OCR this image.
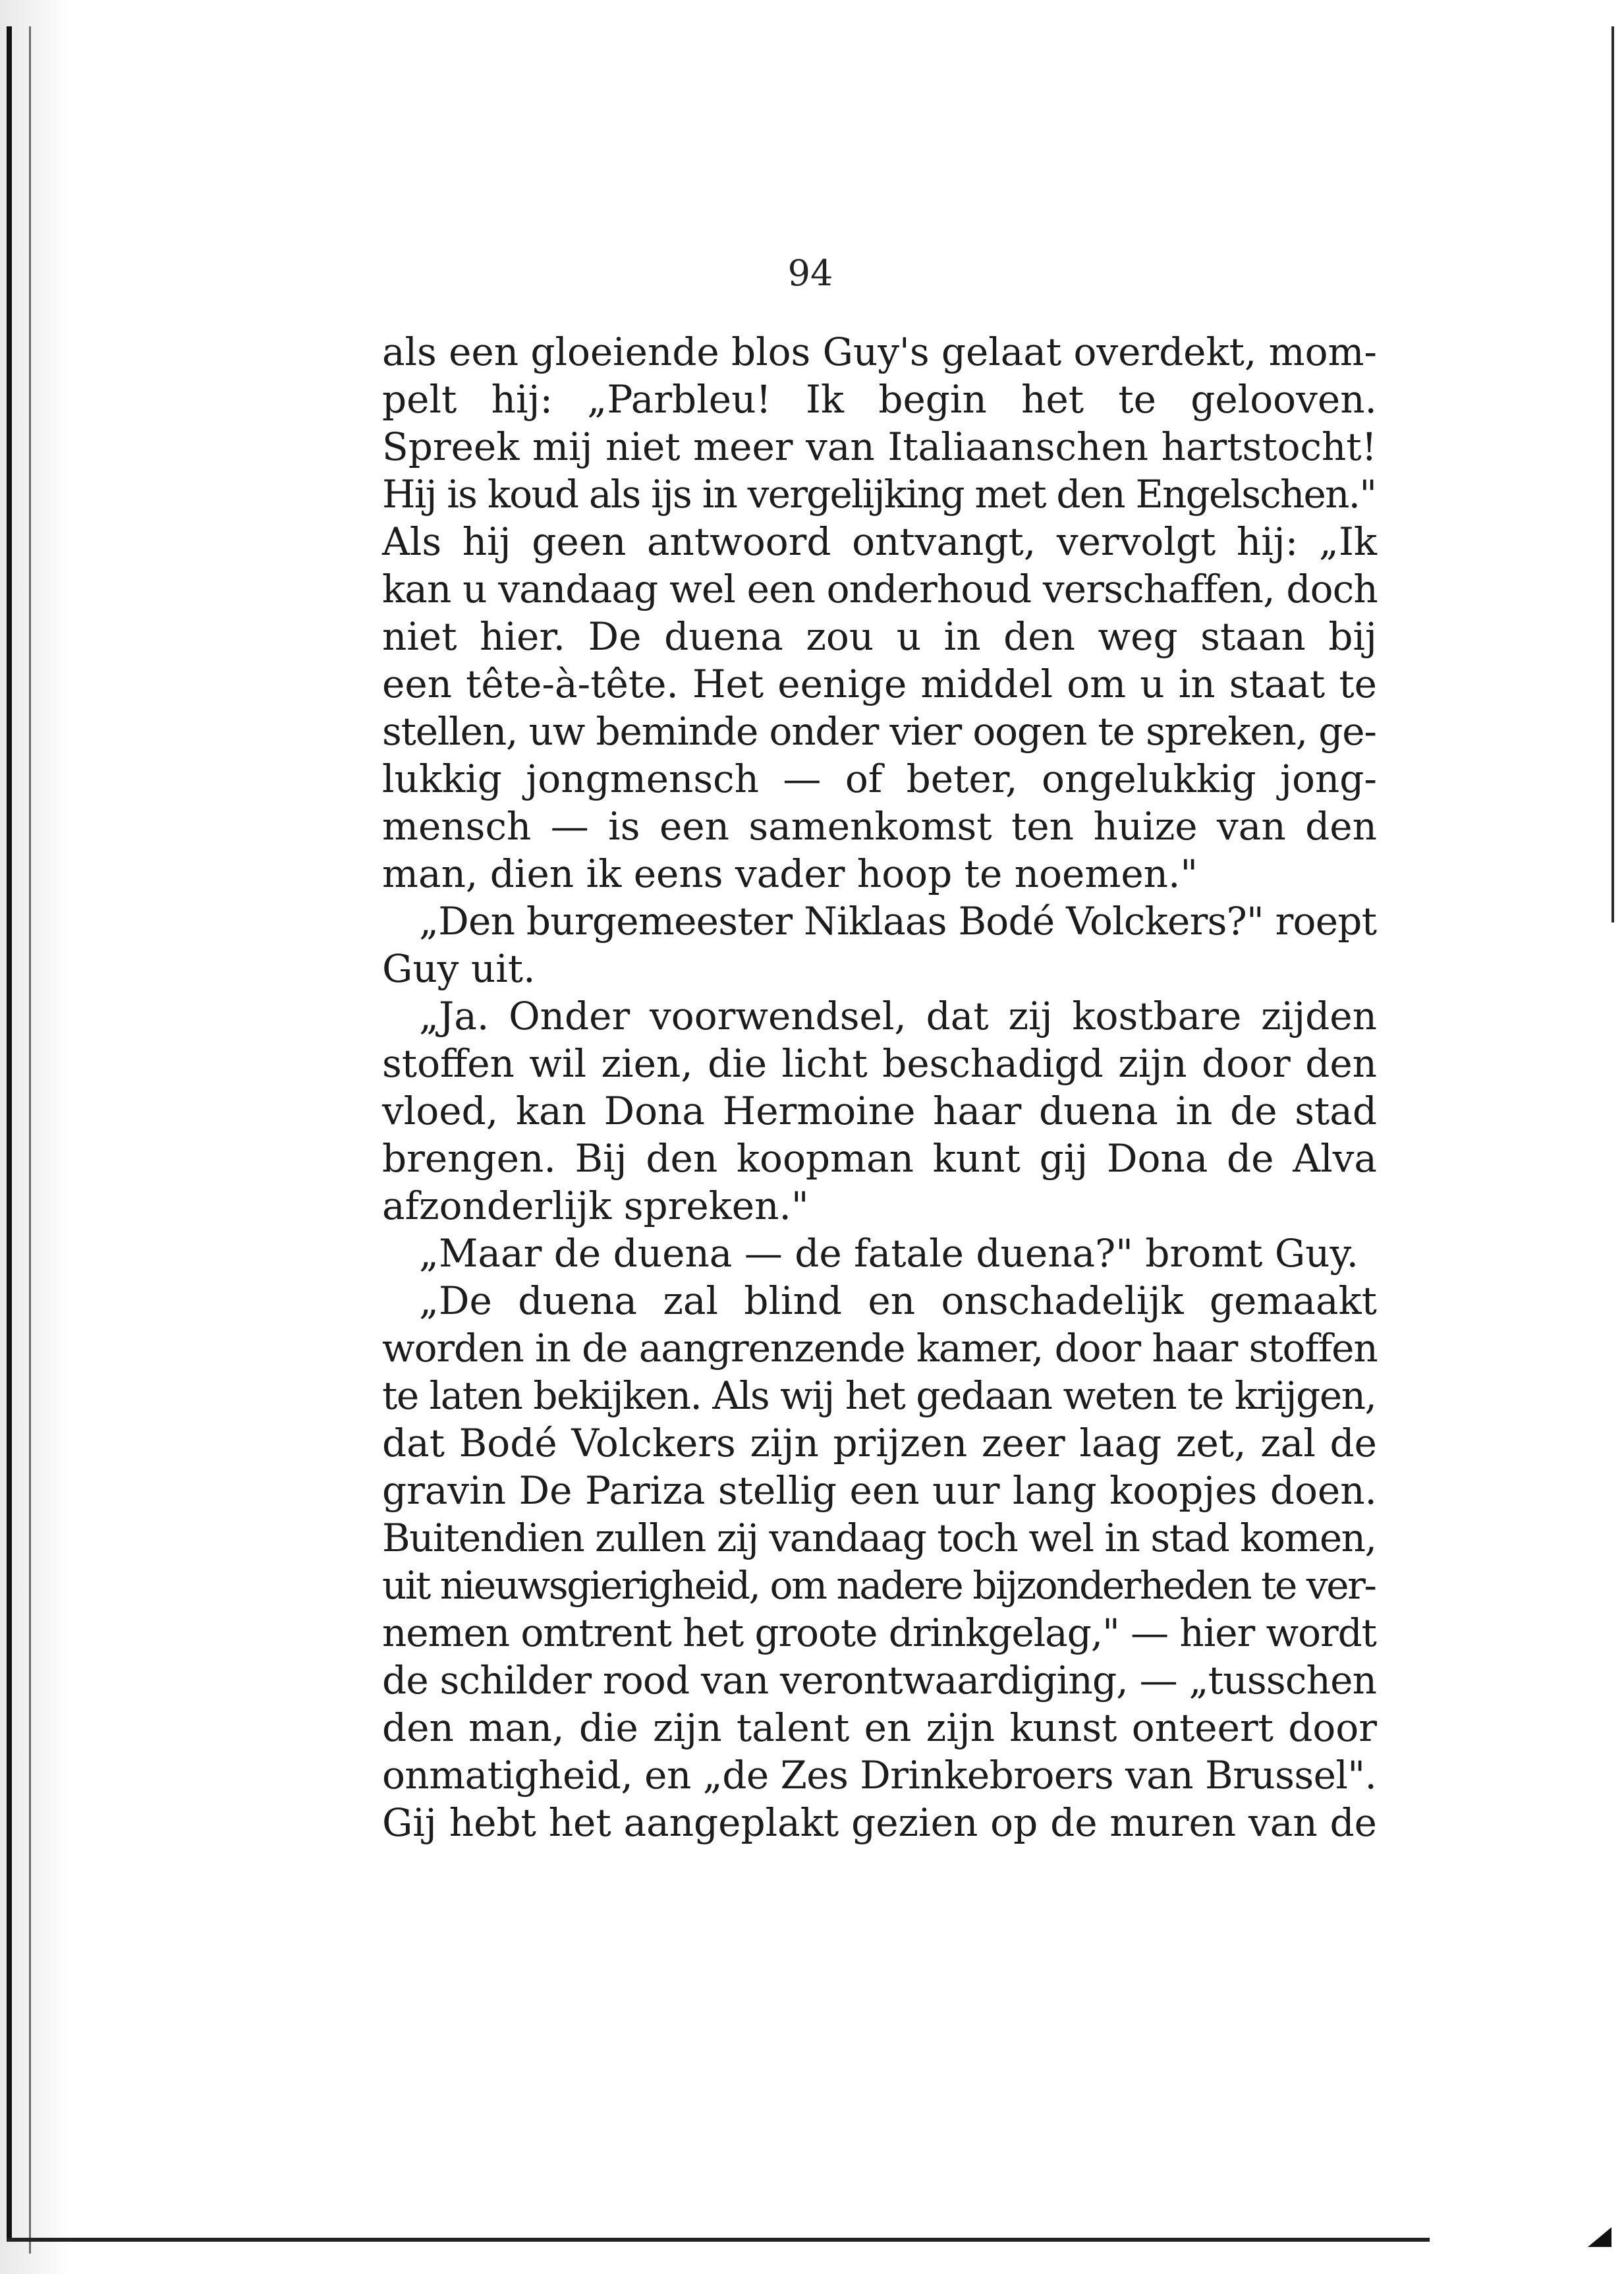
94
als een gloeiende blos Guy's gelaat overdekt, mom-
pelt hij: „Parbleu! Ik begin het te gelooven.
Spreek mij niet meer van Italiaanschen hartstocht!
Hij is koud als ijs in vergelijking met den Engelschen."
Als hij geen antwoord ontvangt, vervolgt hij: „Ik
kan u vandaag wel een onderhoud verschaffen, doch
niet hier. De duena zou u in den weg staan bij
een tête-à-tête. Het eenige middel om u in staat te
stellen, uw beminde onder vier oogen te spreken, ge-
lukkig jongmensch — of beter, ongelukkig jong-
mensch — is een samenkomst ten huize van den
man, dien ik eens vader hoop te noemen."
„Den burgemeester Niklaas Bodé Volckers?" roept
Guy uit.
„Ja. Onder voorwendsel, dat zij kostbare zijden
stoffen wil zien, die licht beschadigd zijn door den
vloed, kan Dona Hermoine haar duena in de stad
brengen. Bij den koopman kunt gij Dona de Alva
afzonderlijk spreken."
„Maar de duena — de fatale duena?" bromt Guy.
„De duena zal blind en onschadelijk gemaakt
worden in de aangrenzende kamer, door haar stoffen
te laten bekijken. Als wij het gedaan weten te krijgen,
dat Bodé Volckers zijn prijzen zeer laag zet, zal de
gravin De Pariza stellig een uur lang koopjes doen.
Buitendien zullen zij vandaag toch wel in stad komen,
uit nieuwsgierigheid, om nadere bijzonderheden te ver-
nemen omtrent het groote drinkgelag," — hier wordt
de schilder rood van verontwaardiging, — „tusschen
den man, die zijn talent en zijn kunst onteert door
onmatigheid, en „de Zes Drinkebroers van Brussel".
Gij hebt het aangeplakt gezien op de muren van de
